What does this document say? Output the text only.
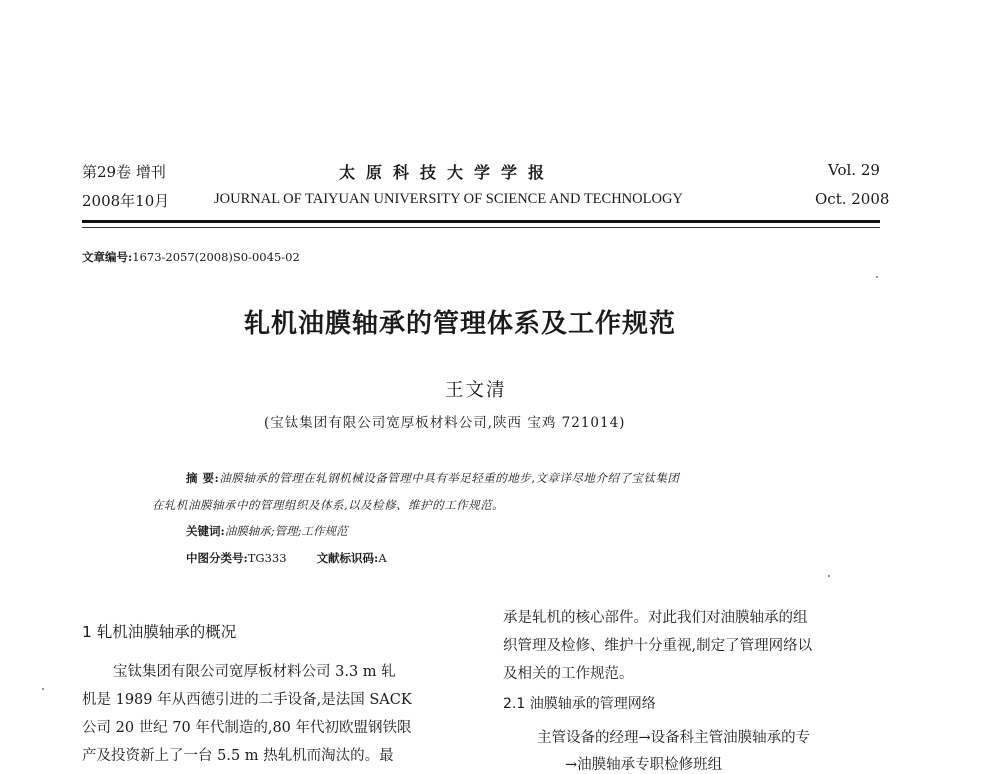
第29卷 增刊	太原科技大学学报	Vol. 29
2008年10月	JOURNAL OF TAIYUAN UNIVERSITY OF SCIENCE AND TECHNOLOGY	Oct. 2008
文章编号:1673-2057(2008)S0-0045-02
轧机油膜轴承的管理体系及工作规范
王文清
(宝钛集团有限公司宽厚板材料公司,陕西 宝鸡 721014)
摘 要:油膜轴承的管理在轧钢机械设备管理中具有举足轻重的地步,文章详尽地介绍了宝钛集团
在轧机油膜轴承中的管理组织及体系,以及检修、维护的工作规范。
关键词:油膜轴承;管理;工作规范
中图分类号:TG333	文献标识码:A
1 轧机油膜轴承的概况
宝钛集团有限公司宽厚板材料公司 3.3 m 轧
机是 1989 年从西德引进的二手设备,是法国 SACK
公司 20 世纪 70 年代制造的,80 年代初欧盟钢铁限
产及投资新上了一台 5.5 m 热轧机而淘汰的。最
承是轧机的核心部件。对此我们对油膜轴承的组
织管理及检修、维护十分重视,制定了管理网络以
及相关的工作规范。
2.1 油膜轴承的管理网络
主管设备的经理→设备科主管油膜轴承的专
→油膜轴承专职检修班组
